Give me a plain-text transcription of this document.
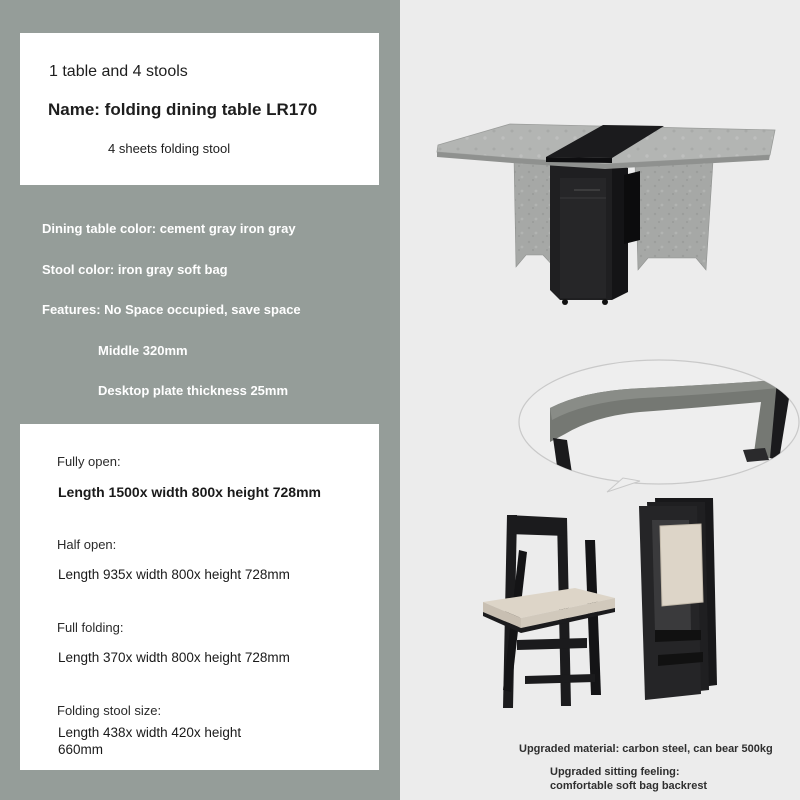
1 table and 4 stools
Name: folding dining table LR170
4 sheets folding stool
Dining table color: cement gray iron gray
Stool color: iron gray soft bag
Features: No Space occupied, save space
Middle 320mm
Desktop plate thickness 25mm
Fully open:
Length 1500x width 800x height 728mm
Half open:
Length 935x width 800x height 728mm
Full folding:
Length 370x width 800x height 728mm
Folding stool size:
Length 438x width 420x height
660mm	Upgraded material: carbon steel, can bear 500kg
Upgraded sitting feeling:
comfortable soft bag backrest
